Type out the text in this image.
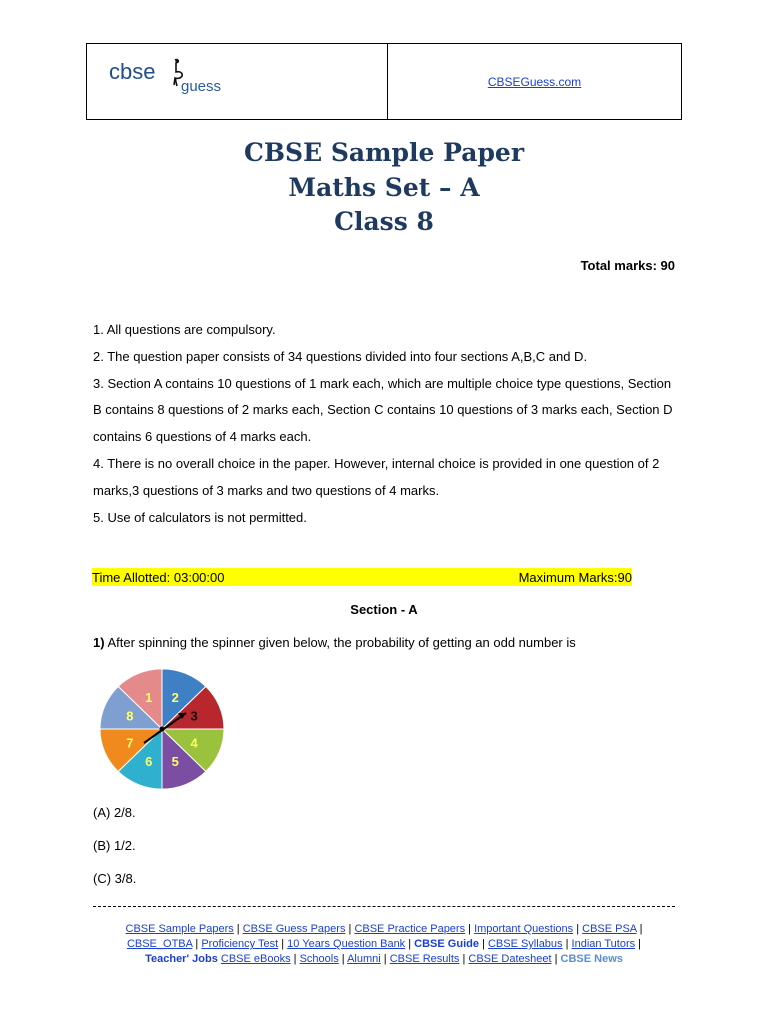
cbse
guess	CBSEGuess.com
CBSE Sample Paper
Maths Set – A
Class 8
Total marks: 90

1. All questions are compulsory.

2. The question paper consists of 34 questions divided into four sections A,B,C and D.

3. Section A contains 10 questions of 1 mark each, which are multiple choice type questions, Section B contains 8 questions of 2 marks each, Section C contains 10 questions of 3 marks each, Section D contains 6 questions of 4 marks each.

4. There is no overall choice in the paper. However, internal choice is provided in one question of 2 marks,3 questions of 3 marks and two questions of 4 marks.

5. Use of calculators is not permitted.

Time Allotted: 03:00:00	Maximum Marks:90
Section - A
1) After spinning the spinner given below, the probability of getting an odd number is
1 2
3
4
5
6
7
8
(A) 2/8.
(B) 1/2.
(C) 3/8.
CBSE Sample Papers | CBSE Guess Papers | CBSE Practice Papers | Important Questions | CBSE PSA |
CBSE_OTBA | Proficiency Test | 10 Years Question Bank | CBSE Guide | CBSE Syllabus | Indian Tutors |
Teacher' Jobs CBSE eBooks | Schools | Alumni | CBSE Results | CBSE Datesheet | CBSE News
